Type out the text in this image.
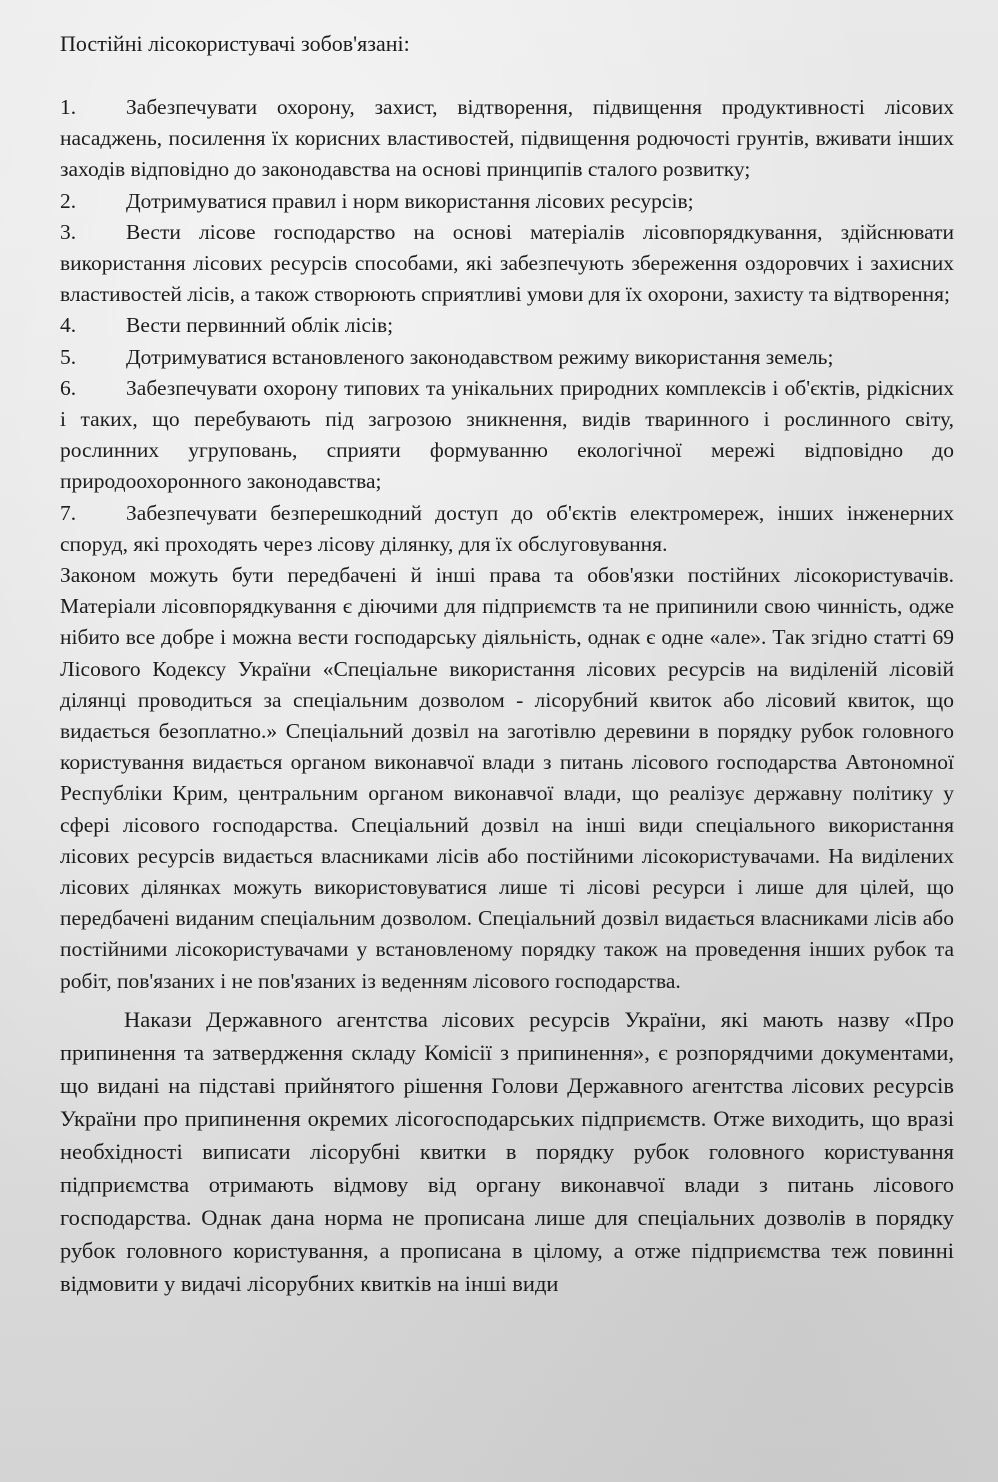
Постійні лісокористувачі зобов'язані:
1. Забезпечувати охорону, захист, відтворення, підвищення продуктивності лісових насаджень, посилення їх корисних властивостей, підвищення родючості грунтів, вживати інших заходів відповідно до законодавства на основі принципів сталого розвитку;
2. Дотримуватися правил і норм використання лісових ресурсів;
3. Вести лісове господарство на основі матеріалів лісовпорядкування, здійснювати використання лісових ресурсів способами, які забезпечують збереження оздоровчих і захисних властивостей лісів, а також створюють сприятливі умови для їх охорони, захисту та відтворення;
4. Вести первинний облік лісів;
5. Дотримуватися встановленого законодавством режиму використання земель;
6. Забезпечувати охорону типових та унікальних природних комплексів і об'єктів, рідкісних і таких, що перебувають під загрозою зникнення, видів тваринного і рослинного світу, рослинних угруповань, сприяти формуванню екологічної мережі відповідно до природоохоронного законодавства;
7. Забезпечувати безперешкодний доступ до об'єктів електромереж, інших інженерних споруд, які проходять через лісову ділянку, для їх обслуговування.

Законом можуть бути передбачені й інші права та обов'язки постійних лісокористувачів. Матеріали лісовпорядкування є діючими для підприємств та не припинили свою чинність, одже нібито все добре і можна вести господарську діяльність, однак є одне «але». Так згідно статті 69 Лісового Кодексу України «Спеціальне використання лісових ресурсів на виділеній лісовій ділянці проводиться за спеціальним дозволом - лісорубний квиток або лісовий квиток, що видається безоплатно.» Спеціальний дозвіл на заготівлю деревини в порядку рубок головного користування видається органом виконавчої влади з питань лісового господарства Автономної Республіки Крим, центральним органом виконавчої влади, що реалізує державну політику у сфері лісового господарства. Спеціальний дозвіл на інші види спеціального використання лісових ресурсів видається власниками лісів або постійними лісокористувачами. На виділених лісових ділянках можуть використовуватися лише ті лісові ресурси і лише для цілей, що передбачені виданим спеціальним дозволом. Спеціальний дозвіл видається власниками лісів або постійними лісокористувачами у встановленому порядку також на проведення інших рубок та робіт, пов'язаних і не пов'язаних із веденням лісового господарства.

Накази Державного агентства лісових ресурсів України, які мають назву «Про припинення та затвердження складу Комісії з припинення», є розпорядчими документами, що видані на підставі прийнятого рішення Голови Державного агентства лісових ресурсів України про припинення окремих лісогосподарських підприємств. Отже виходить, що вразі необхідності виписати лісорубні квитки в порядку рубок головного користування підприємства отримають відмову від органу виконавчої влади з питань лісового господарства. Однак дана норма не прописана лише для спеціальних дозволів в порядку рубок головного користування, а прописана в цілому, а отже підприємства теж повинні відмовити у видачі лісорубних квитків на інші види
